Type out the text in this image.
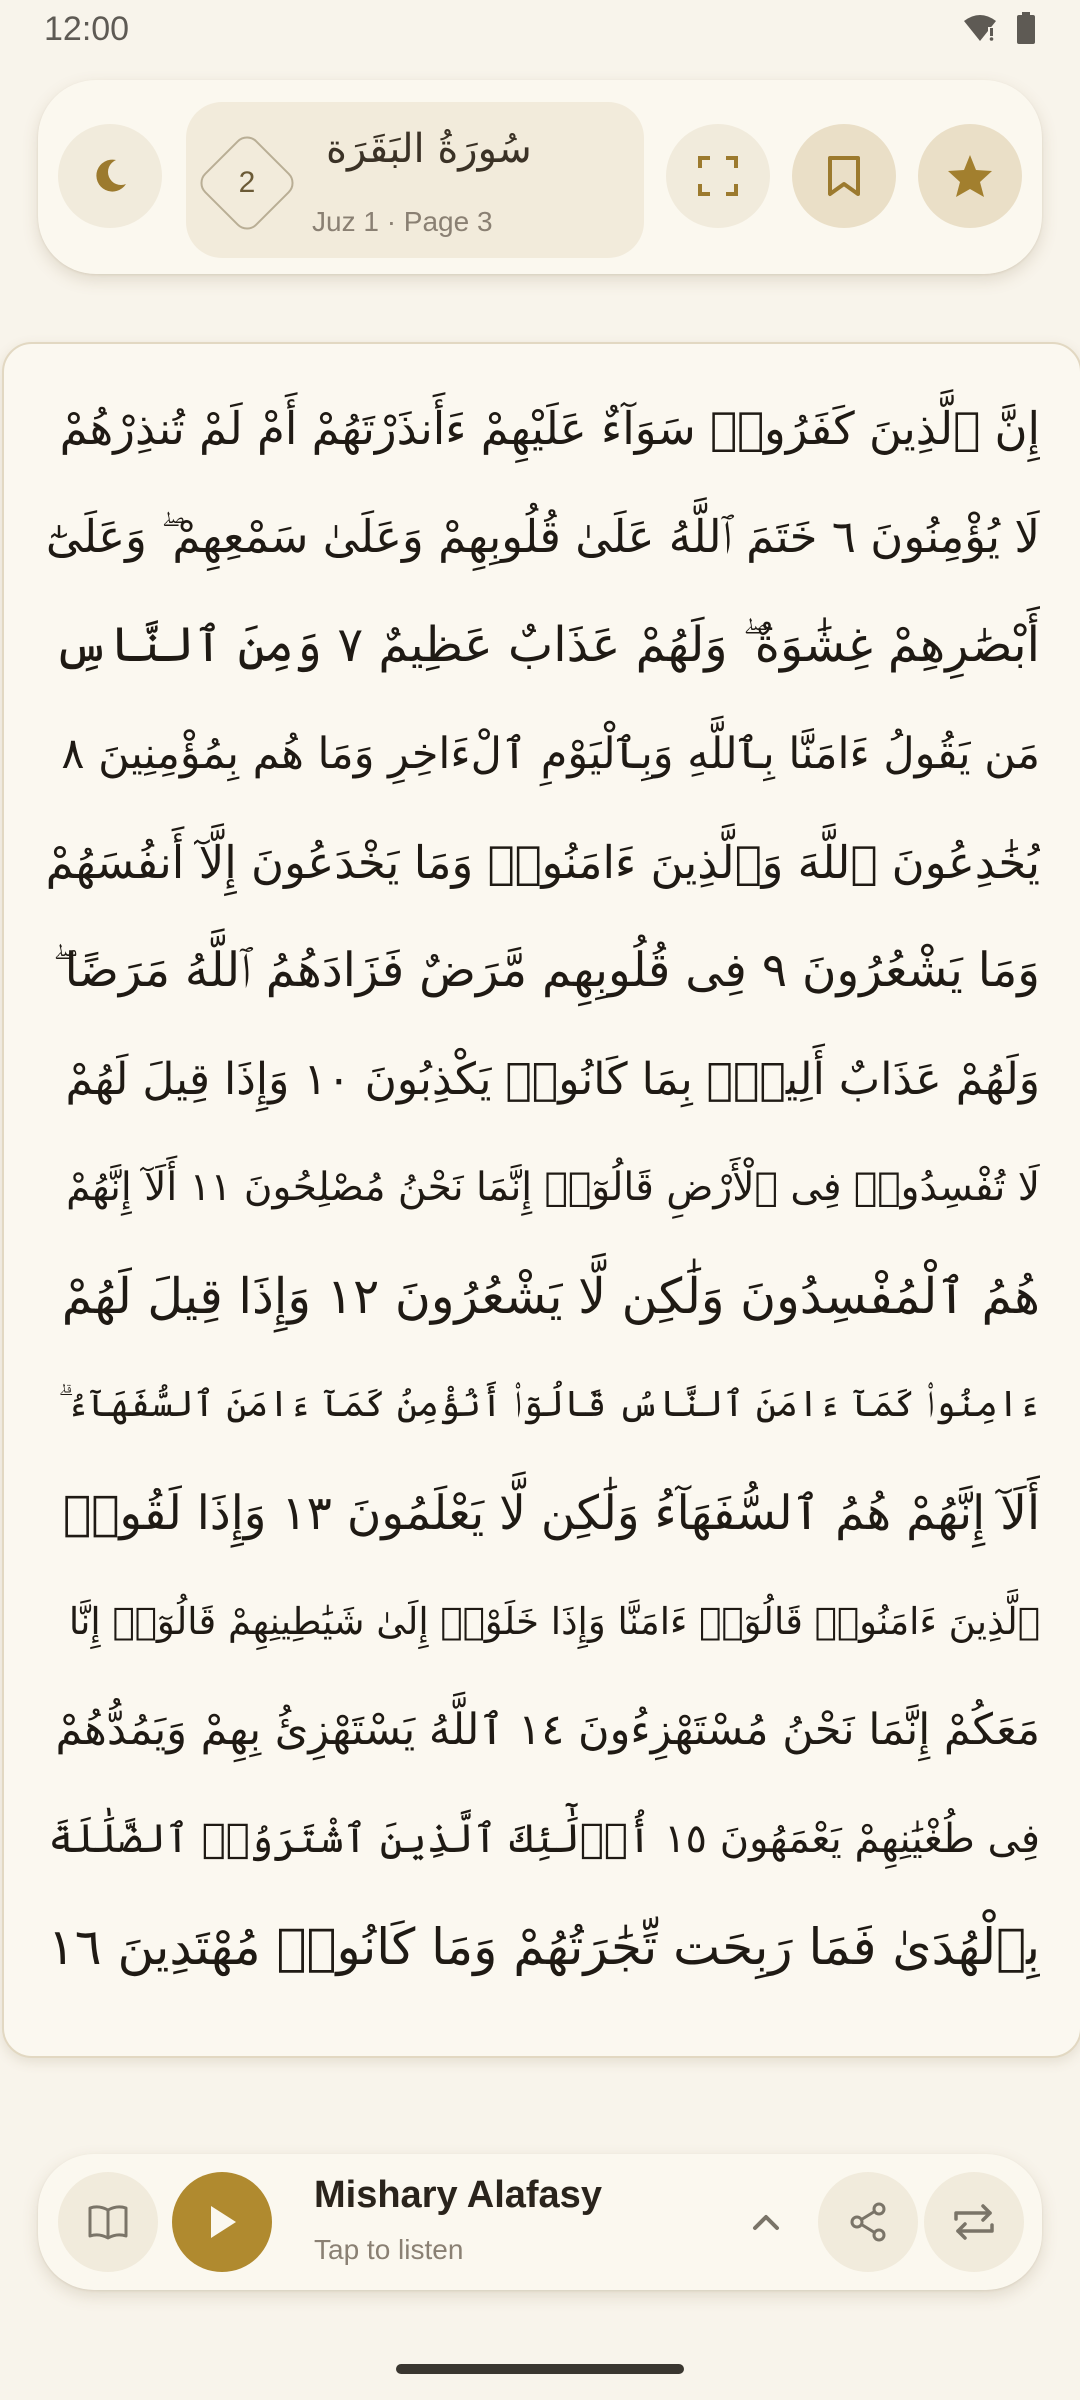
12:00
2
سُورَةُ البَقَرَة
Juz 1 · Page 3
إِنَّ ٱلَّذِينَ كَفَرُوا۟ سَوَآءٌ عَلَيْهِمْ ءَأَنذَرْتَهُمْ أَمْ لَمْ تُنذِرْهُمْ
لَا يُؤْمِنُونَ ٦ خَتَمَ ٱللَّهُ عَلَىٰ قُلُوبِهِمْ وَعَلَىٰ سَمْعِهِمْ ۖ وَعَلَىٰٓ
أَبْصَٰرِهِمْ غِشَٰوَةٌ ۖ وَلَهُمْ عَذَابٌ عَظِيمٌ ٧ وَمِنَ ٱلنَّاسِ
مَن يَقُولُ ءَامَنَّا بِٱللَّهِ وَبِٱلْيَوْمِ ٱلْءَاخِرِ وَمَا هُم بِمُؤْمِنِينَ ٨
يُخَٰدِعُونَ ٱللَّهَ وَٱلَّذِينَ ءَامَنُوا۟ وَمَا يَخْدَعُونَ إِلَّآ أَنفُسَهُمْ
وَمَا يَشْعُرُونَ ٩ فِى قُلُوبِهِم مَّرَضٌ فَزَادَهُمُ ٱللَّهُ مَرَضًا ۖ
وَلَهُمْ عَذَابٌ أَلِيمٌۢ بِمَا كَانُوا۟ يَكْذِبُونَ ١٠ وَإِذَا قِيلَ لَهُمْ
لَا تُفْسِدُوا۟ فِى ٱلْأَرْضِ قَالُوٓا۟ إِنَّمَا نَحْنُ مُصْلِحُونَ ١١ أَلَآ إِنَّهُمْ
هُمُ ٱلْمُفْسِدُونَ وَلَٰكِن لَّا يَشْعُرُونَ ١٢ وَإِذَا قِيلَ لَهُمْ
ءَامِنُوا۟ كَمَآ ءَامَنَ ٱلنَّاسُ قَالُوٓا۟ أَنُؤْمِنُ كَمَآ ءَامَنَ ٱلسُّفَهَآءُ ۗ
أَلَآ إِنَّهُمْ هُمُ ٱلسُّفَهَآءُ وَلَٰكِن لَّا يَعْلَمُونَ ١٣ وَإِذَا لَقُوا۟
ٱلَّذِينَ ءَامَنُوا۟ قَالُوٓا۟ ءَامَنَّا وَإِذَا خَلَوْا۟ إِلَىٰ شَيَٰطِينِهِمْ قَالُوٓا۟ إِنَّا
مَعَكُمْ إِنَّمَا نَحْنُ مُسْتَهْزِءُونَ ١٤ ٱللَّهُ يَسْتَهْزِئُ بِهِمْ وَيَمُدُّهُمْ
فِى طُغْيَٰنِهِمْ يَعْمَهُونَ ١٥ أُو۟لَٰٓئِكَ ٱلَّذِينَ ٱشْتَرَوُا۟ ٱلضَّلَٰلَةَ
بِٱلْهُدَىٰ فَمَا رَبِحَت تِّجَٰرَتُهُمْ وَمَا كَانُوا۟ مُهْتَدِينَ ١٦
Mishary Alafasy
Tap to listen
